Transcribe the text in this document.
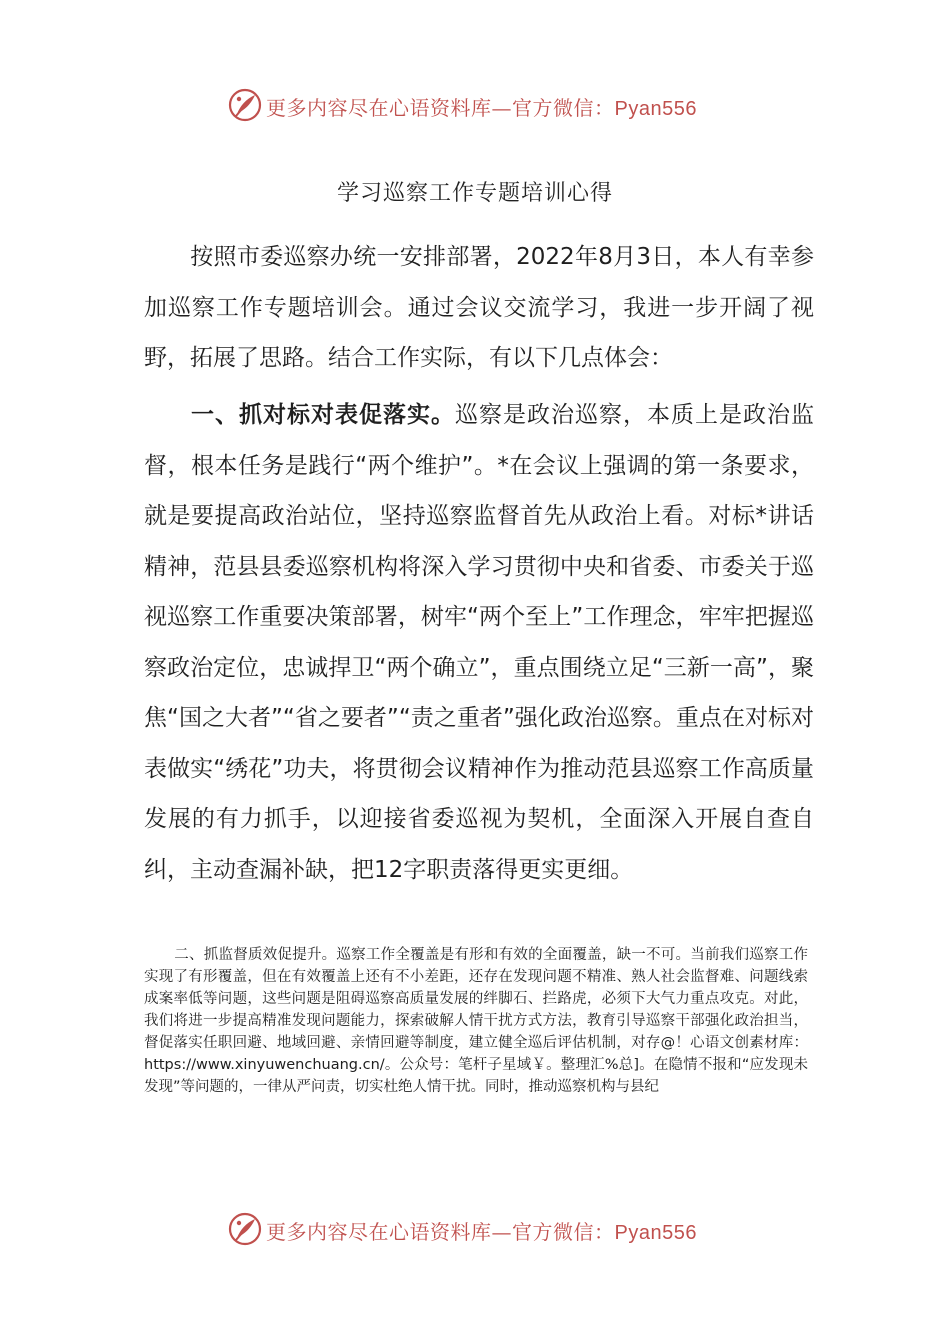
更多内容尽在心语资料库—官方微信：Pyan556
学习巡察工作专题培训心得
按照市委巡察办统一安排部署，2022年8月3日，本人有幸参加巡察工作专题培训会。通过会议交流学习，我进一步开阔了视野，拓展了思路。结合工作实际，有以下几点体会：
一、抓对标对表促落实。巡察是政治巡察，本质上是政治监督，根本任务是践行“两个维护”。*在会议上强调的第一条要求，就是要提高政治站位，坚持巡察监督首先从政治上看。对标*讲话精神，范县县委巡察机构将深入学习贯彻中央和省委、市委关于巡视巡察工作重要决策部署，树牢“两个至上”工作理念，牢牢把握巡察政治定位，忠诚捍卫“两个确立”，重点围绕立足“三新一高”，聚焦“国之大者”“省之要者”“责之重者”强化政治巡察。重点在对标对表做实“绣花”功夫，将贯彻会议精神作为推动范县巡察工作高质量发展的有力抓手，以迎接省委巡视为契机，全面深入开展自查自纠，主动查漏补缺，把12字职责落得更实更细。
二、抓监督质效促提升。巡察工作全覆盖是有形和有效的全面覆盖，缺一不可。当前我们巡察工作实现了有形覆盖，但在有效覆盖上还有不小差距，还存在发现问题不精准、熟人社会监督难、问题线索成案率低等问题，这些问题是阻碍巡察高质量发展的绊脚石、拦路虎，必须下大气力重点攻克。对此，我们将进一步提高精准发现问题能力，探索破解人情干扰方式方法，教育引导巡察干部强化政治担当，督促落实任职回避、地域回避、亲情回避等制度，建立健全巡后评估机制，对存@！心语文创素材库：https://www.xinyuwenchuang.cn/。公众号：笔杆子星域￥。整理汇%总]。在隐情不报和“应发现未发现”等问题的，一律从严问责，切实杜绝人情干扰。同时，推动巡察机构与县纪
更多内容尽在心语资料库—官方微信：Pyan556
